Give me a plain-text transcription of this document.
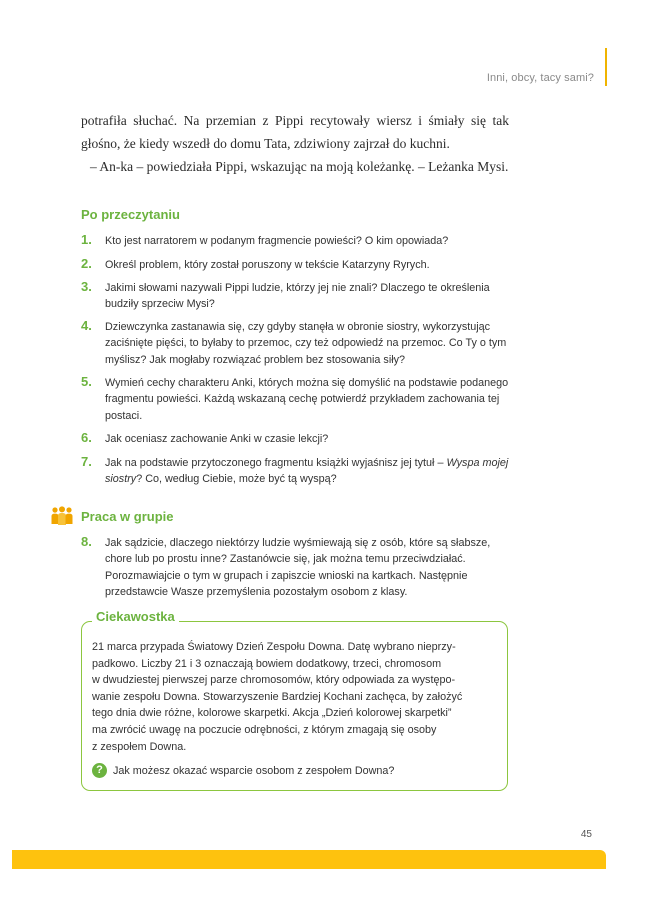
Inni, obcy, tacy sami?

potrafiła słuchać. Na przemian z Pippi recytowały wiersz i śmiały się tak głośno, że kiedy wszedł do domu Tata, zdziwiony zajrzał do kuchni.

– An-ka – powiedziała Pippi, wskazując na moją koleżankę. – Leżanka Mysi.

Po przeczytaniu
1. Kto jest narratorem w podanym fragmencie powieści? O kim opowiada?
2. Określ problem, który został poruszony w tekście Katarzyny Ryrych.
3. Jakimi słowami nazywali Pippi ludzie, którzy jej nie znali? Dlaczego te określenia budziły sprzeciw Mysi?
4. Dziewczynka zastanawia się, czy gdyby stanęła w obronie siostry, wykorzystując zaciśnięte pięści, to byłaby to przemoc, czy też odpowiedź na przemoc. Co Ty o tym myślisz? Jak mogłaby rozwiązać problem bez stosowania siły?
5. Wymień cechy charakteru Anki, których można się domyślić na podstawie podanego fragmentu powieści. Każdą wskazaną cechę potwierdź przykładem zachowania tej postaci.
6. Jak oceniasz zachowanie Anki w czasie lekcji?
7. Jak na podstawie przytoczonego fragmentu książki wyjaśnisz jej tytuł – Wyspa mojej siostry? Co, według Ciebie, może być tą wyspą?
Praca w grupie
8. Jak sądzicie, dlaczego niektórzy ludzie wyśmiewają się z osób, które są słabsze, chore lub po prostu inne? Zastanówcie się, jak można temu przeciwdziałać. Porozmawiajcie o tym w grupach i zapiszcie wnioski na kartkach. Następnie przedstawcie Wasze przemyślenia pozostałym osobom z klasy.
Ciekawostka
21 marca przypada Światowy Dzień Zespołu Downa. Datę wybrano nieprzy-
padkowo. Liczby 21 i 3 oznaczają bowiem dodatkowy, trzeci, chromosom
w dwudziestej pierwszej parze chromosomów, który odpowiada za występo-
wanie zespołu Downa. Stowarzyszenie Bardziej Kochani zachęca, by założyć
tego dnia dwie różne, kolorowe skarpetki. Akcja „Dzień kolorowej skarpetki”
ma zwrócić uwagę na poczucie odrębności, z którym zmagają się osoby
z zespołem Downa.
? Jak możesz okazać wsparcie osobom z zespołem Downa?
45
